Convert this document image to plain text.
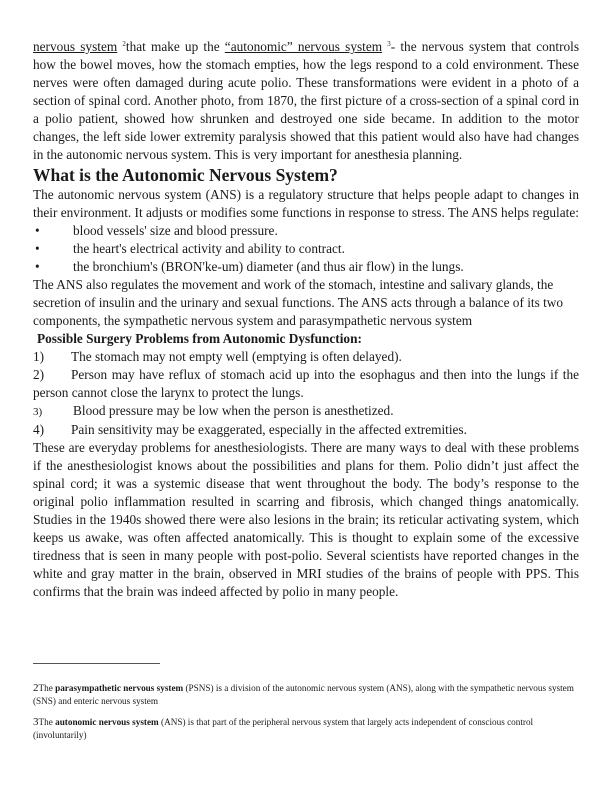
nervous system $^2$that make up the “autonomic” nervous system $^3$- the nervous system that controls how the bowel moves, how the stomach empties, how the legs respond to a cold environment. These nerves were often damaged during acute polio. These transformations were evident in a photo of a section of spinal cord. Another photo, from 1870, the first picture of a cross-section of a spinal cord in a polio patient, showed how shrunken and destroyed one side became. In addition to the motor changes, the left side lower extremity paralysis showed that this patient would also have had changes in the autonomic nervous system. This is very important for anesthesia planning.

What is the Autonomic Nervous System?

The autonomic nervous system (ANS) is a regulatory structure that helps people adapt to changes in their environment. It adjusts or modifies some functions in response to stress. The ANS helps regulate:

•	blood vessels' size and blood pressure.
•	the heart's electrical activity and ability to contract.
•	the bronchium's (BRON'ke-um) diameter (and thus air flow) in the lungs.

The ANS also regulates the movement and work of the stomach, intestine and salivary glands, the secretion of insulin and the urinary and sexual functions. The ANS acts through a balance of its two components, the sympathetic nervous system and parasympathetic nervous system

Possible Surgery Problems from Autonomic Dysfunction:

1) The stomach may not empty well (emptying is often delayed).
2) Person may have reflux of stomach acid up into the esophagus and then into the lungs if the person cannot close the larynx to protect the lungs.
3) Blood pressure may be low when the person is anesthetized.
4) Pain sensitivity may be exaggerated, especially in the affected extremities.

These are everyday problems for anesthesiologists. There are many ways to deal with these problems if the anesthesiologist knows about the possibilities and plans for them. Polio didn’t just affect the spinal cord; it was a systemic disease that went throughout the body. The body’s response to the original polio inflammation resulted in scarring and fibrosis, which changed things anatomically. Studies in the 1940s showed there were also lesions in the brain; its reticular activating system, which keeps us awake, was often affected anatomically. This is thought to explain some of the excessive tiredness that is seen in many people with post-polio. Several scientists have reported changes in the white and gray matter in the brain, observed in MRI studies of the brains of people with PPS. This confirms that the brain was indeed affected by polio in many people.

2The parasympathetic nervous system (PSNS) is a division of the autonomic nervous system (ANS), along with the sympathetic nervous system (SNS) and enteric nervous system
3The autonomic nervous system (ANS) is that part of the peripheral nervous system that largely acts independent of conscious control (involuntarily)
